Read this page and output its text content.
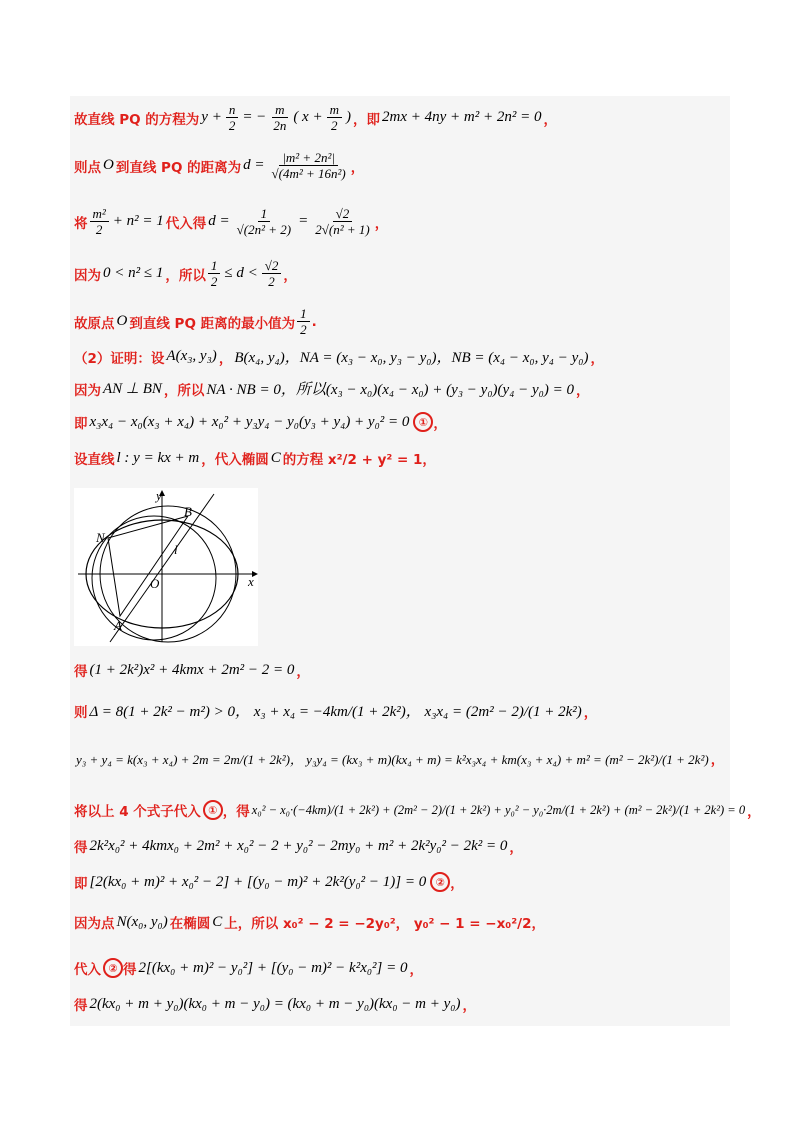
故直线 PQ 的方程为 $y + \frac{n}{2}$ = − $\frac{m}{2n}$ ( $x + \frac{m}{2}$ ) ，即 2mx + 4ny + m² + 2n² = 0 ，
则点 O 到直线 PQ 的距离为 $d = \frac{\text{|m² + 2n²|}}{\text{√(4m² + 16n²)}}$ ，
将 $\frac{\text{m²}}{2} + n^2 = 1$ 代入得 $d = \frac{1}{\text{√(2n² + 2)}} = \frac{√2}{\text{2√(n² + 1)}}$ ，
因为 0 < n² ≤ 1 ，所以 $\frac{1}{2} \le d < \frac{√2}{2}$ ，
故原点 O 到直线 PQ 距离的最小值为 $\frac{1}{2}$ .
（2）证明：设 A(x₃, y₃) ， B(x₄, y₄)，NA = (x₃ − x₀, y₃ − y₀)，NB = (x₄ − x₀, y₄ − y₀) ，
因为 AN ⊥ BN ，所以 NA · NB = 0，所以(x₃ − x₀)(x₄ − x₀) + (y₃ − y₀)(y₄ − y₀) = 0 ，
即 x₃x₄ − x₀(x₃ + x₄) + x₀² + y₃y₄ − y₀(y₃ + y₄) + y₀² = 0 ① ，
设直线 l : y = kx + m ，代入椭圆 C 的方程 x²/2 + y² = 1，
y
x
O
N
B
A
l
得 (1 + 2k²)x² + 4kmx + 2m² − 2 = 0 ，
则 Δ = 8(1 + 2k² − m²) > 0， x₃ + x₄ = −4km/(1 + 2k²)， x₃x₄ = (2m² − 2)/(1 + 2k²) ，
y₃ + y₄ = k(x₃ + x₄) + 2m = 2m/(1 + 2k²)， y₃y₄ = (kx₃ + m)(kx₄ + m) = k²x₃x₄ + km(x₃ + x₄) + m² = (m² − 2k²)/(1 + 2k²) ，
将以上 4 个式子代入 ① ，得 x₀² − x₀·(−4km)/(1 + 2k²) + (2m² − 2)/(1 + 2k²) + y₀² − y₀·2m/(1 + 2k²) + (m² − 2k²)/(1 + 2k²) = 0 ，
得 2k²x₀² + 4kmx₀ + 2m² + x₀² − 2 + y₀² − 2my₀ + m² + 2k²y₀² − 2k² = 0 ，
即 [2(kx₀ + m)² + x₀² − 2] + [(y₀ − m)² + 2k²(y₀² − 1)] = 0 ② ，
因为点 N(x₀, y₀) 在椭圆 C 上，所以 x₀² − 2 = −2y₀²， y₀² − 1 = −x₀²/2，
代入 ② 得 2[(kx₀ + m)² − y₀²] + [(y₀ − m)² − k²x₀²] = 0 ，
得 2(kx₀ + m + y₀)(kx₀ + m − y₀) = (kx₀ + m − y₀)(kx₀ − m + y₀) ，
